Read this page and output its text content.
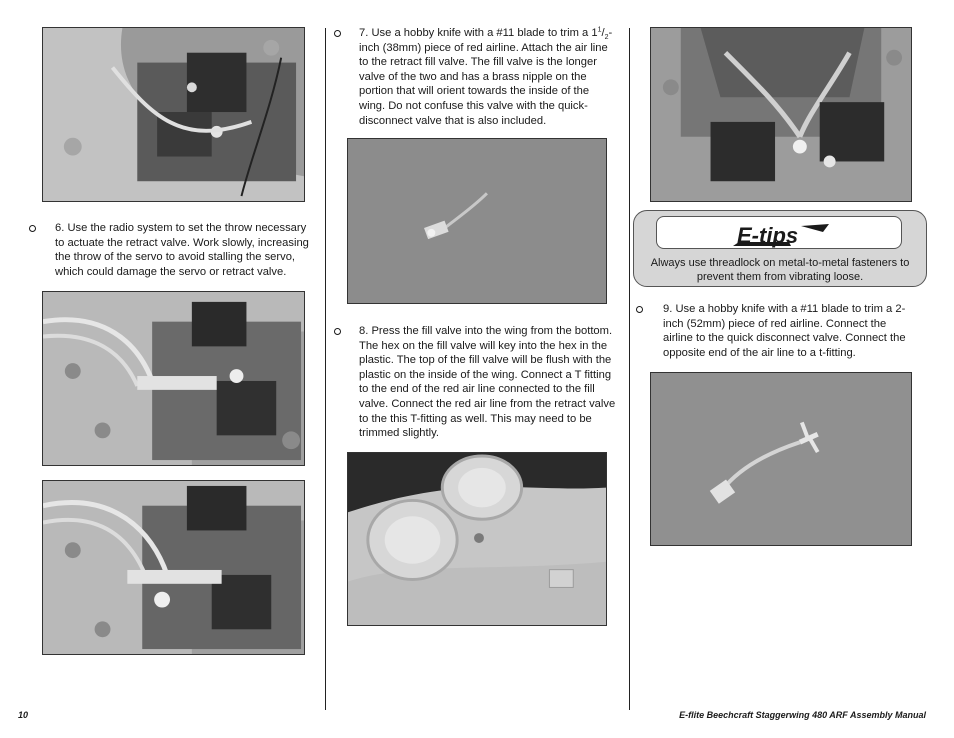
6. Use the radio system to set the throw necessary to actuate the retract valve. Work slowly, increasing the throw of the servo to avoid stalling the servo, which could damage the servo or retract valve.

7. Use a hobby knife with a #11 blade to trim a $1^1/_2$-inch (38mm) piece of red airline. Attach the air line to the retract fill valve. The fill valve is the longer valve of the two and has a brass nipple on the portion that will orient towards the inside of the wing. Do not confuse this valve with the quick-disconnect valve that is also included.

8. Press the fill valve into the wing from the bottom. The hex on the fill valve will key into the hex in the plastic. The top of the fill valve will be flush with the plastic on the inside of the wing. Connect a T fitting to the end of the red air line connected to the fill valve. Connect the red air line from the retract valve to the this T-fitting as well. This may need to be trimmed slightly.

E-tips
Always use threadlock on metal-to-metal fasteners to prevent them from vibrating loose.

9. Use a hobby knife with a #11 blade to trim a 2-inch (52mm) piece of red airline. Connect the airline to the quick disconnect valve. Connect the opposite end of the air line to a t-fitting.

10	E-flite Beechcraft Staggerwing 480 ARF Assembly Manual
